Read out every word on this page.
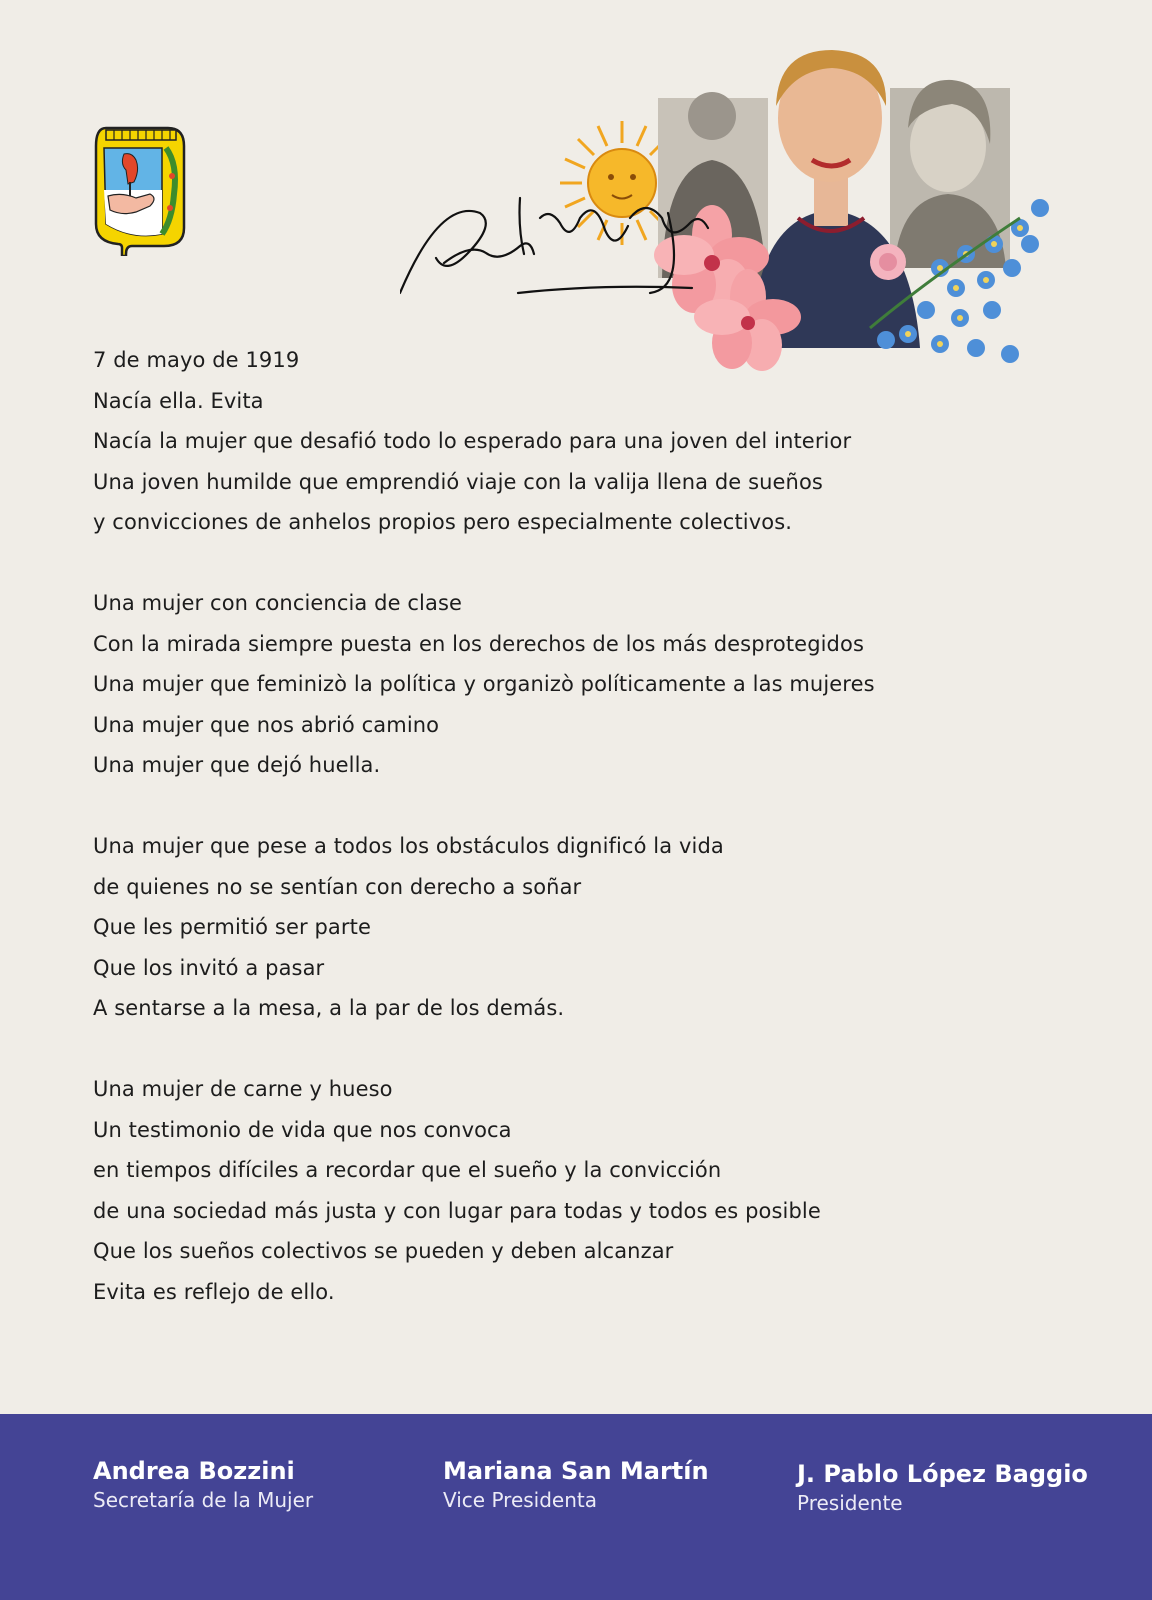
7 de mayo de 1919
Nacía ella. Evita
Nacía la mujer que desafió todo lo esperado para una joven del interior
Una joven humilde que emprendió viaje con la valija llena de sueños
y convicciones de anhelos propios pero especialmente colectivos.
Una mujer con conciencia de clase
Con la mirada siempre puesta en los derechos de los más desprotegidos
Una mujer que feminizò la política y organizò políticamente a las mujeres
Una mujer que nos abrió camino
Una mujer que dejó huella.
Una mujer que pese a todos los obstáculos dignificó la vida
de quienes no se sentían con derecho a soñar
Que les permitió ser parte
Que los invitó a pasar
A sentarse a la mesa, a la par de los demás.
Una mujer de carne y hueso
Un testimonio de vida que nos convoca
en tiempos difíciles a recordar que el sueño y la convicción
de una sociedad más justa y con lugar para todas y todos es posible
Que los sueños colectivos se pueden y deben alcanzar
Evita es reflejo de ello.
Andrea Bozzini
Secretaría de la Mujer
Mariana San Martín
Vice Presidenta
J. Pablo López Baggio
Presidente
